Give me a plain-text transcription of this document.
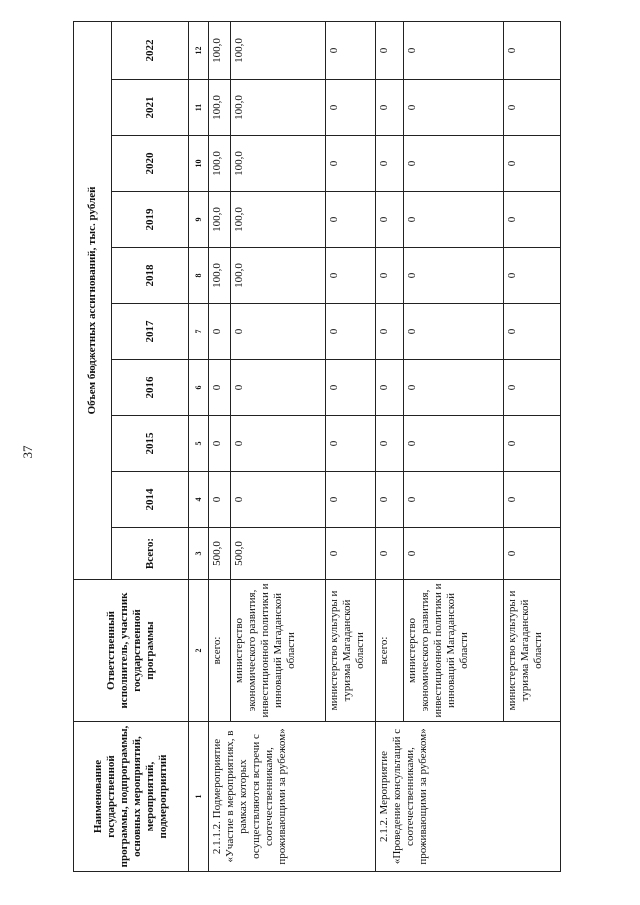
37
Наименование государственной программы, подпрограммы, основных мероприятий, мероприятий, подмероприятий	Ответственный исполнитель, участник государственной программы	Объем бюджетных ассигнований, тыс. рублей									
		Всего:	2014	2015	2016	2017	2018	2019	2020	2021	2022
1	2	3	4	5	6	7	8	9	10	11	12
2.1.1.2. Подмероприятие «Участие в мероприятиях, в рамках которых осуществляются встречи с соотечественниками, проживающими за рубежом»	всего:	500,0	0	0	0	0	100,0	100,0	100,0	100,0	100,0
	министерство экономического развития, инвестиционной политики и инноваций Магаданской области	500,0	0	0	0	0	100,0	100,0	100,0	100,0	100,0
	министерство культуры и туризма Магаданской области	0	0	0	0	0	0	0	0	0	0
2.1.2. Мероприятие «Проведение консультаций с соотечественниками, проживающими за рубежом»	всего:	0	0	0	0	0	0	0	0	0	0
	министерство экономического развития, инвестиционной политики и инноваций Магаданской области	0	0	0	0	0	0	0	0	0	0
	министерство культуры и туризма Магаданской области	0	0	0	0	0	0	0	0	0	0
